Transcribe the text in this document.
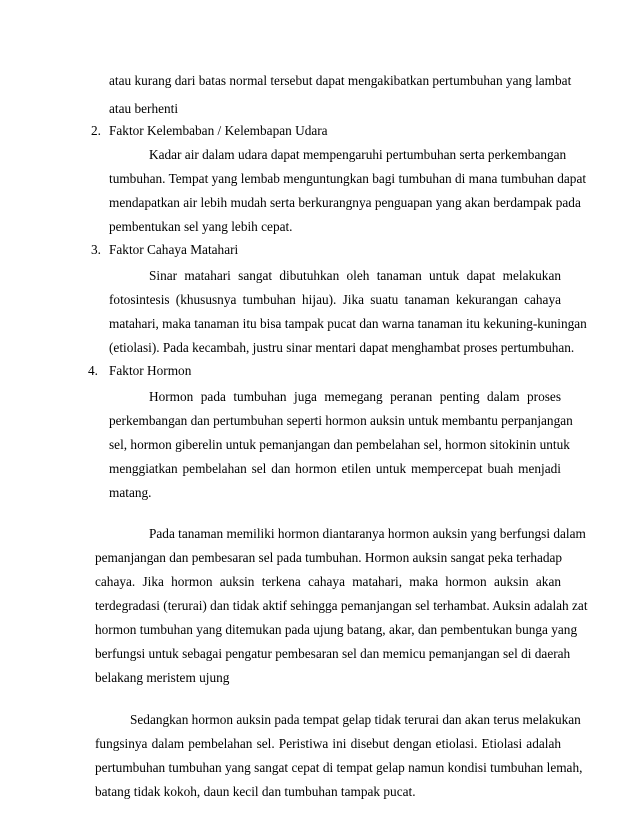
atau kurang dari batas normal tersebut dapat mengakibatkan pertumbuhan yang lambat
atau berhenti
2. Faktor Kelembaban / Kelembapan Udara
Kadar air dalam udara dapat mempengaruhi pertumbuhan serta perkembangan
tumbuhan. Tempat yang lembab menguntungkan bagi tumbuhan di mana tumbuhan dapat
mendapatkan air lebih mudah serta berkurangnya penguapan yang akan berdampak pada
pembentukan sel yang lebih cepat.
3. Faktor Cahaya Matahari
Sinar matahari sangat dibutuhkan oleh tanaman untuk dapat melakukan
fotosintesis (khususnya tumbuhan hijau). Jika suatu tanaman kekurangan cahaya
matahari, maka tanaman itu bisa tampak pucat dan warna tanaman itu kekuning-kuningan
(etiolasi). Pada kecambah, justru sinar mentari dapat menghambat proses pertumbuhan.
4. Faktor Hormon
Hormon pada tumbuhan juga memegang peranan penting dalam proses
perkembangan dan pertumbuhan seperti hormon auksin untuk membantu perpanjangan
sel, hormon giberelin untuk pemanjangan dan pembelahan sel, hormon sitokinin untuk
menggiatkan pembelahan sel dan hormon etilen untuk mempercepat buah menjadi
matang.
Pada tanaman memiliki hormon diantaranya hormon auksin yang berfungsi dalam
pemanjangan dan pembesaran sel pada tumbuhan. Hormon auksin sangat peka terhadap
cahaya. Jika hormon auksin terkena cahaya matahari, maka hormon auksin akan
terdegradasi (terurai) dan tidak aktif sehingga pemanjangan sel terhambat. Auksin adalah zat
hormon tumbuhan yang ditemukan pada ujung batang, akar, dan pembentukan bunga yang
berfungsi untuk sebagai pengatur pembesaran sel dan memicu pemanjangan sel di daerah
belakang meristem ujung
Sedangkan hormon auksin pada tempat gelap tidak terurai dan akan terus melakukan
fungsinya dalam pembelahan sel. Peristiwa ini disebut dengan etiolasi. Etiolasi adalah
pertumbuhan tumbuhan yang sangat cepat di tempat gelap namun kondisi tumbuhan lemah,
batang tidak kokoh, daun kecil dan tumbuhan tampak pucat.
